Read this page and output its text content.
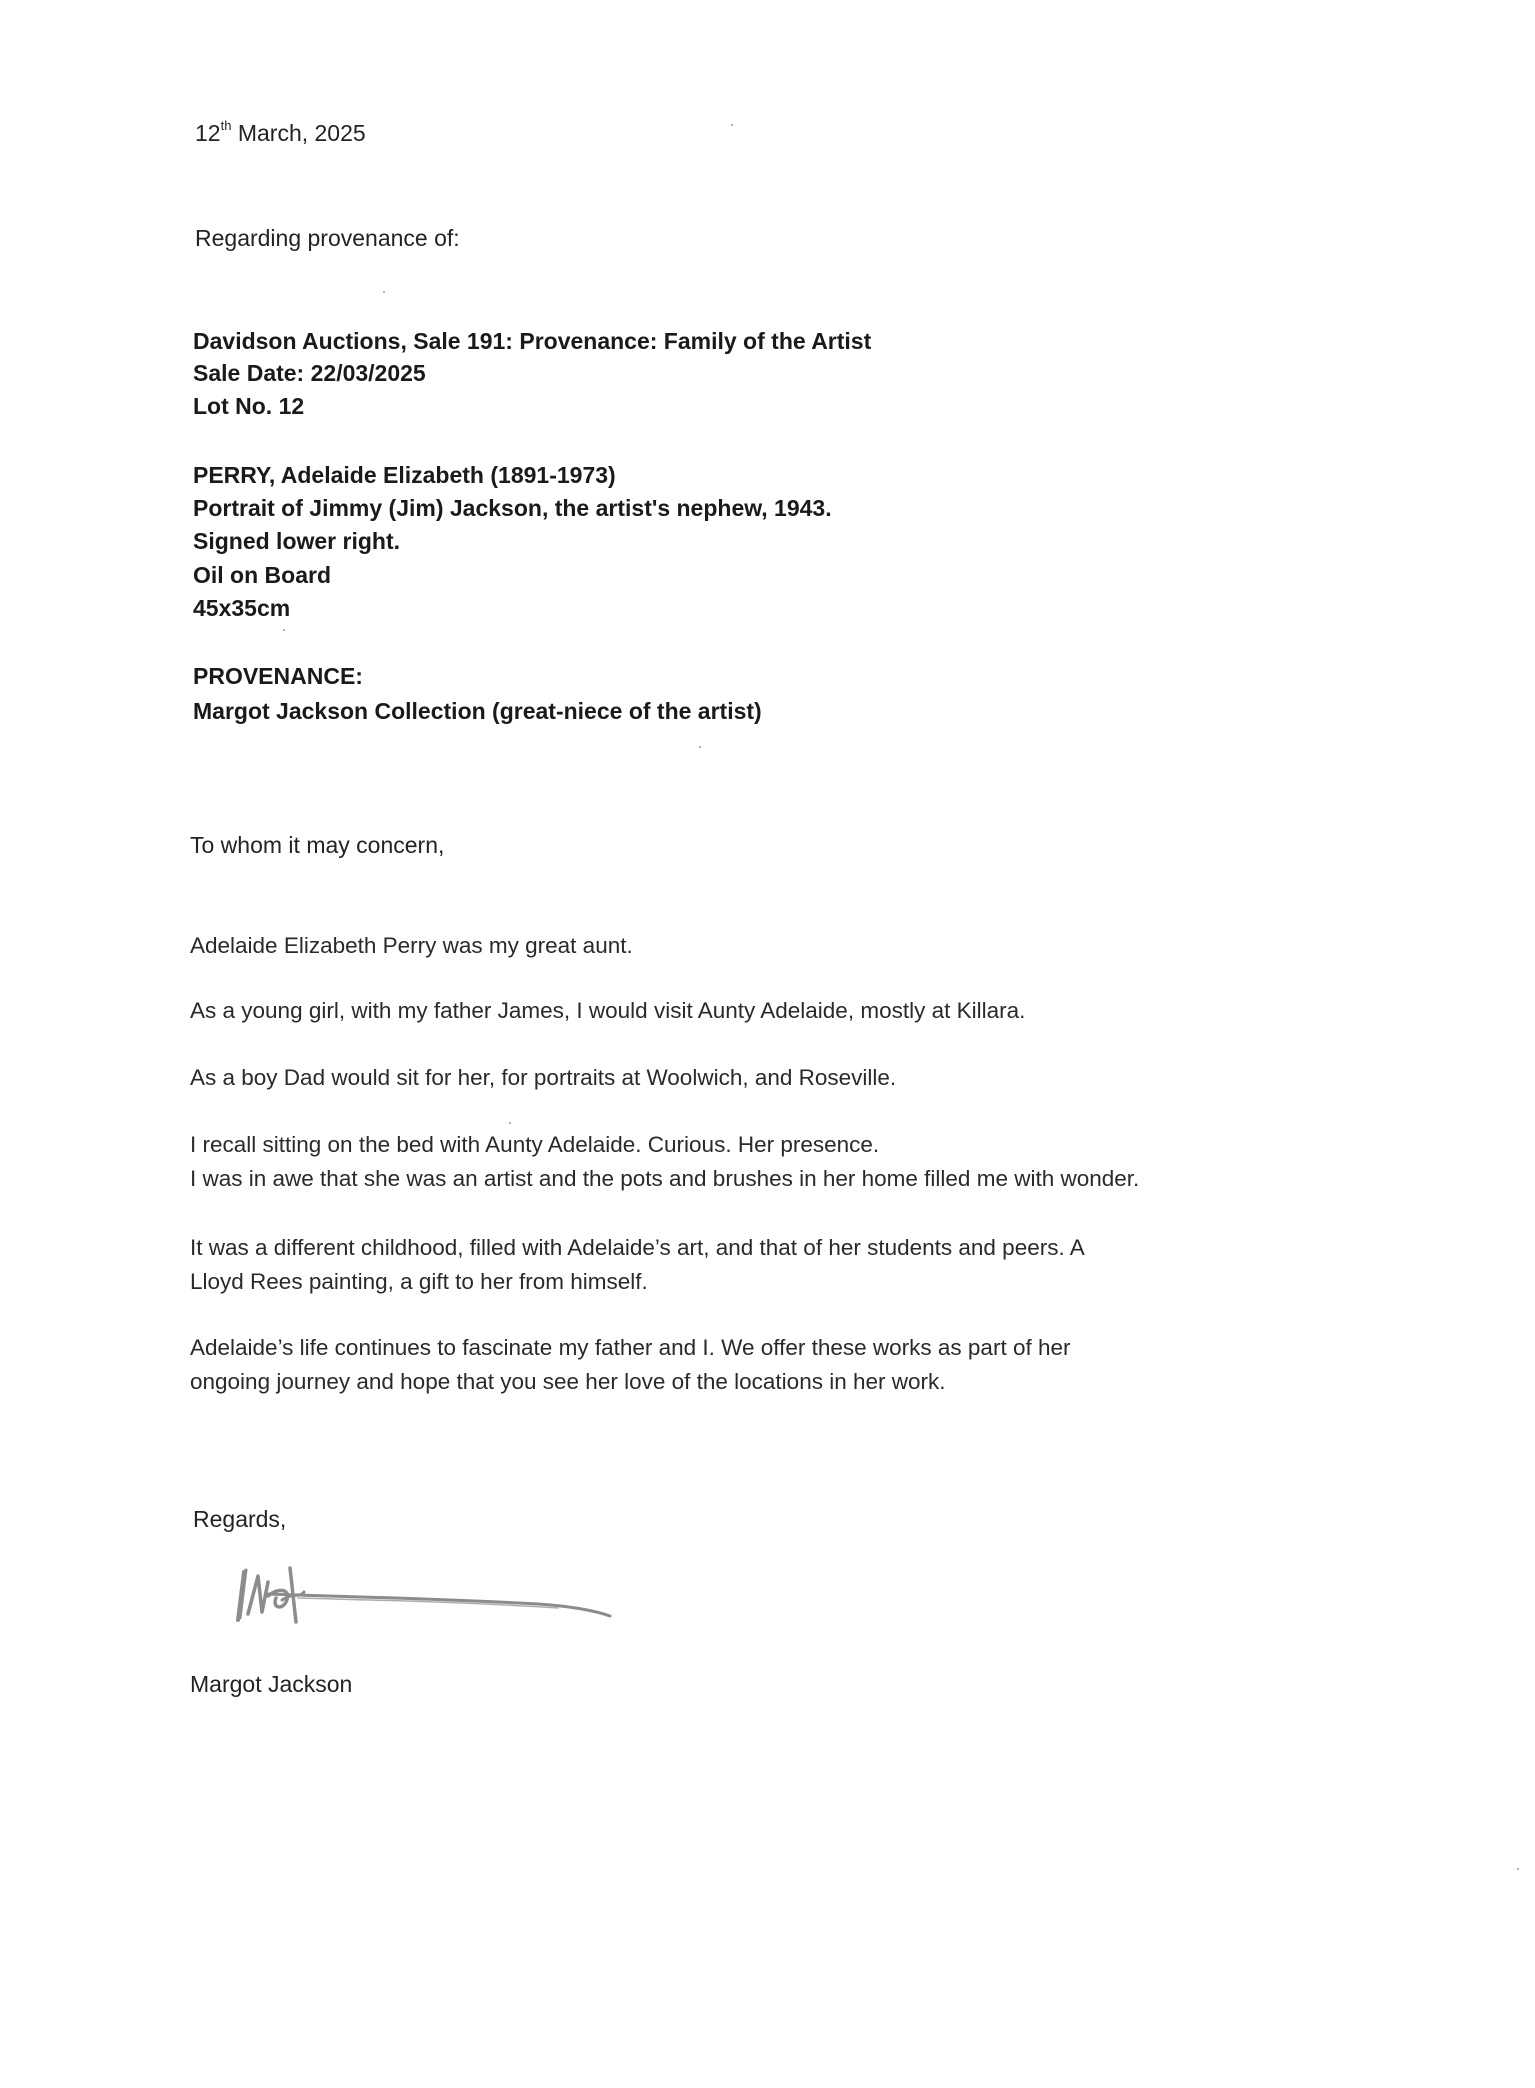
12th March, 2025
Regarding provenance of:
Davidson Auctions, Sale 191: Provenance: Family of the Artist
Sale Date: 22/03/2025
Lot No. 12
PERRY, Adelaide Elizabeth (1891-1973)
Portrait of Jimmy (Jim) Jackson, the artist's nephew, 1943.
Signed lower right.
Oil on Board
45x35cm
PROVENANCE:
Margot Jackson Collection (great-niece of the artist)
To whom it may concern,
Adelaide Elizabeth Perry was my great aunt.
As a young girl, with my father James, I would visit Aunty Adelaide, mostly at Killara.
As a boy Dad would sit for her, for portraits at Woolwich, and Roseville.
I recall sitting on the bed with Aunty Adelaide. Curious. Her presence.
I was in awe that she was an artist and the pots and brushes in her home filled me with wonder.
It was a different childhood, filled with Adelaide’s art, and that of her students and peers. A
Lloyd Rees painting, a gift to her from himself.
Adelaide’s life continues to fascinate my father and I. We offer these works as part of her
ongoing journey and hope that you see her love of the locations in her work.
Regards,
Margot Jackson
